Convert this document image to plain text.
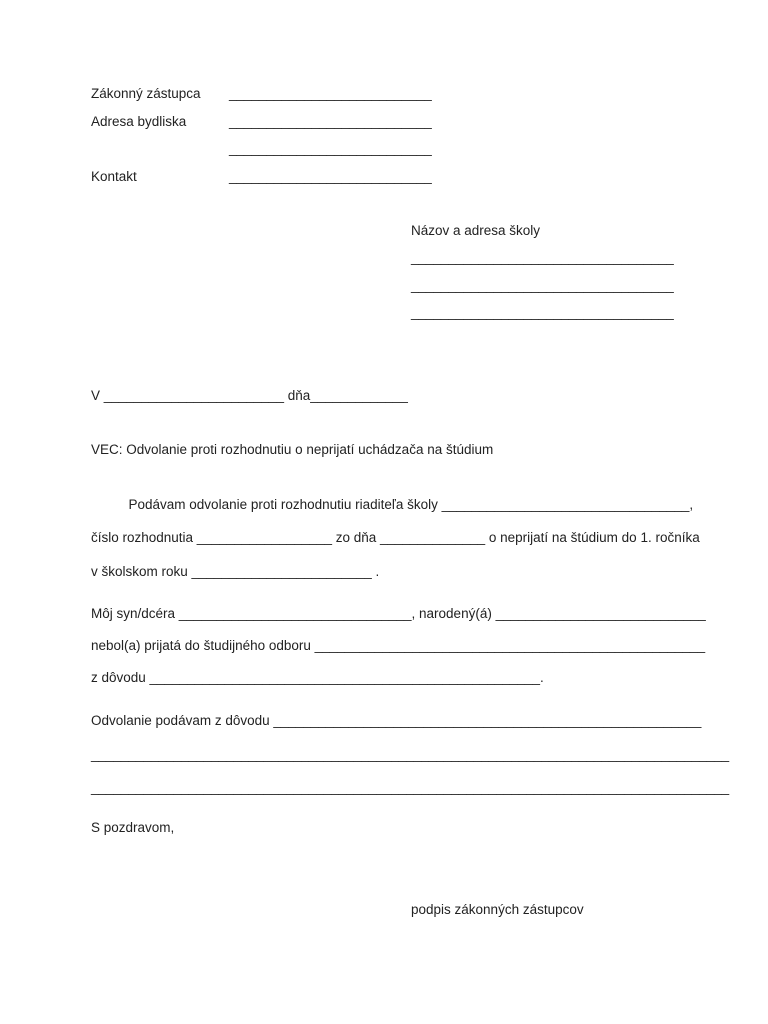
Zákonný zástupca ___________________________
Adresa bydliska	___________________________
___________________________
Kontakt	___________________________
Názov a adresa školy
___________________________________
___________________________________
___________________________________
V ________________________ dňa_____________
VEC: Odvolanie proti rozhodnutiu o neprijatí uchádzača na štúdium
Podávam odvolanie proti rozhodnutiu riaditeľa školy _________________________________,
číslo rozhodnutia __________________ zo dňa ______________ o neprijatí na štúdium do 1. ročníka
v školskom roku ________________________ .
Môj syn/dcéra _______________________________, narodený(á) ____________________________
nebol(a) prijatá do študijného odboru ____________________________________________________
z dôvodu ____________________________________________________.
Odvolanie podávam z dôvodu _________________________________________________________
_____________________________________________________________________________________
_____________________________________________________________________________________
S pozdravom,
podpis zákonných zástupcov
